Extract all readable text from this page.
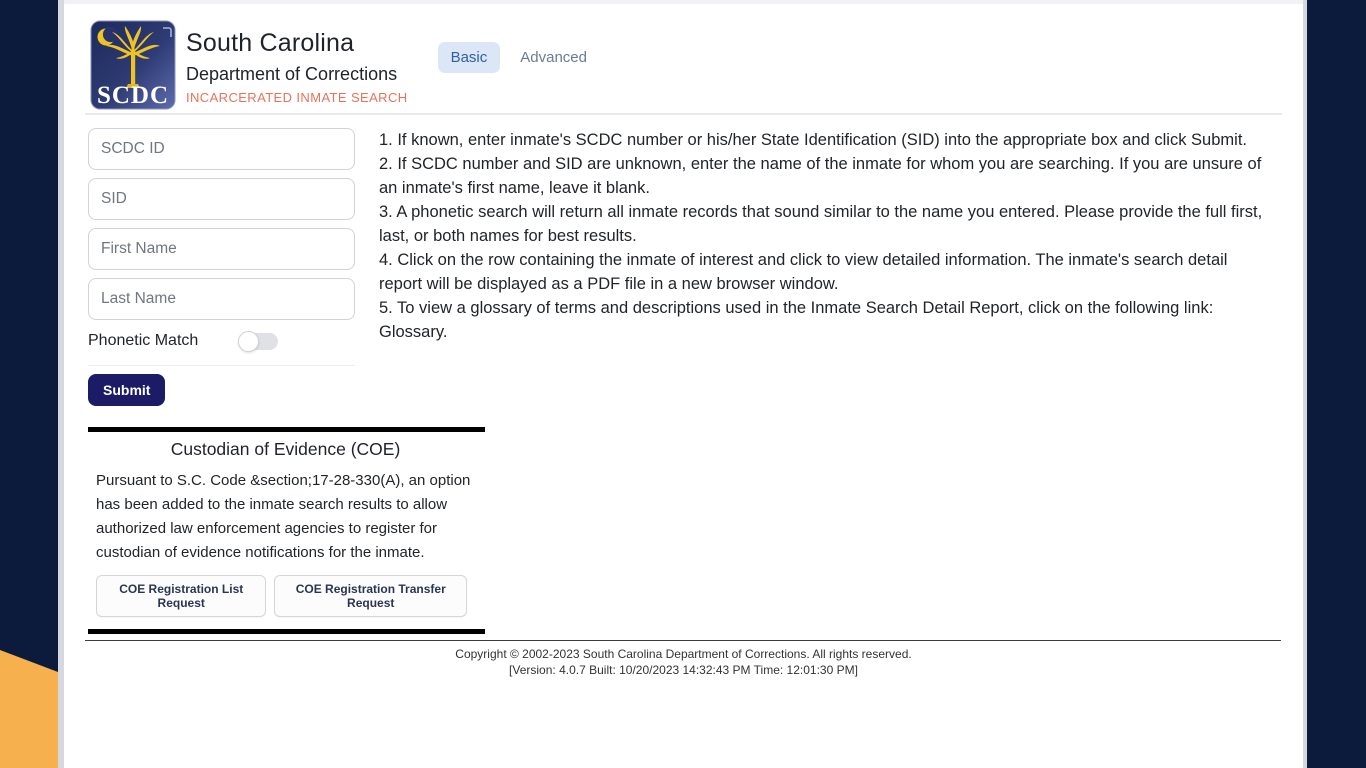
SCDC
South Carolina
Department of Corrections
INCARCERATED INMATE SEARCH
Basic	Advanced
SCDC ID
SID
First Name
Last Name
Phonetic Match
Submit

1. If known, enter inmate's SCDC number or his/her State Identification (SID) into the appropriate box and click Submit.

2. If SCDC number and SID are unknown, enter the name of the inmate for whom you are searching. If you are unsure of an inmate's first name, leave it blank.

3. A phonetic search will return all inmate records that sound similar to the name you entered. Please provide the full first, last, or both names for best results.

4. Click on the row containing the inmate of interest and click to view detailed information. The inmate's search detail report will be displayed as a PDF file in a new browser window.

5. To view a glossary of terms and descriptions used in the Inmate Search Detail Report, click on the following link: Glossary.

Custodian of Evidence (COE)
Pursuant to S.C. Code &section;17-28-330(A), an option has been added to the inmate search results to allow authorized law enforcement agencies to register for custodian of evidence notifications for the inmate.
COE Registration List Request
COE Registration Transfer Request
Copyright © 2002-2023 South Carolina Department of Corrections. All rights reserved.
[Version: 4.0.7 Built: 10/20/2023 14:32:43 PM Time: 12:01:30 PM]
